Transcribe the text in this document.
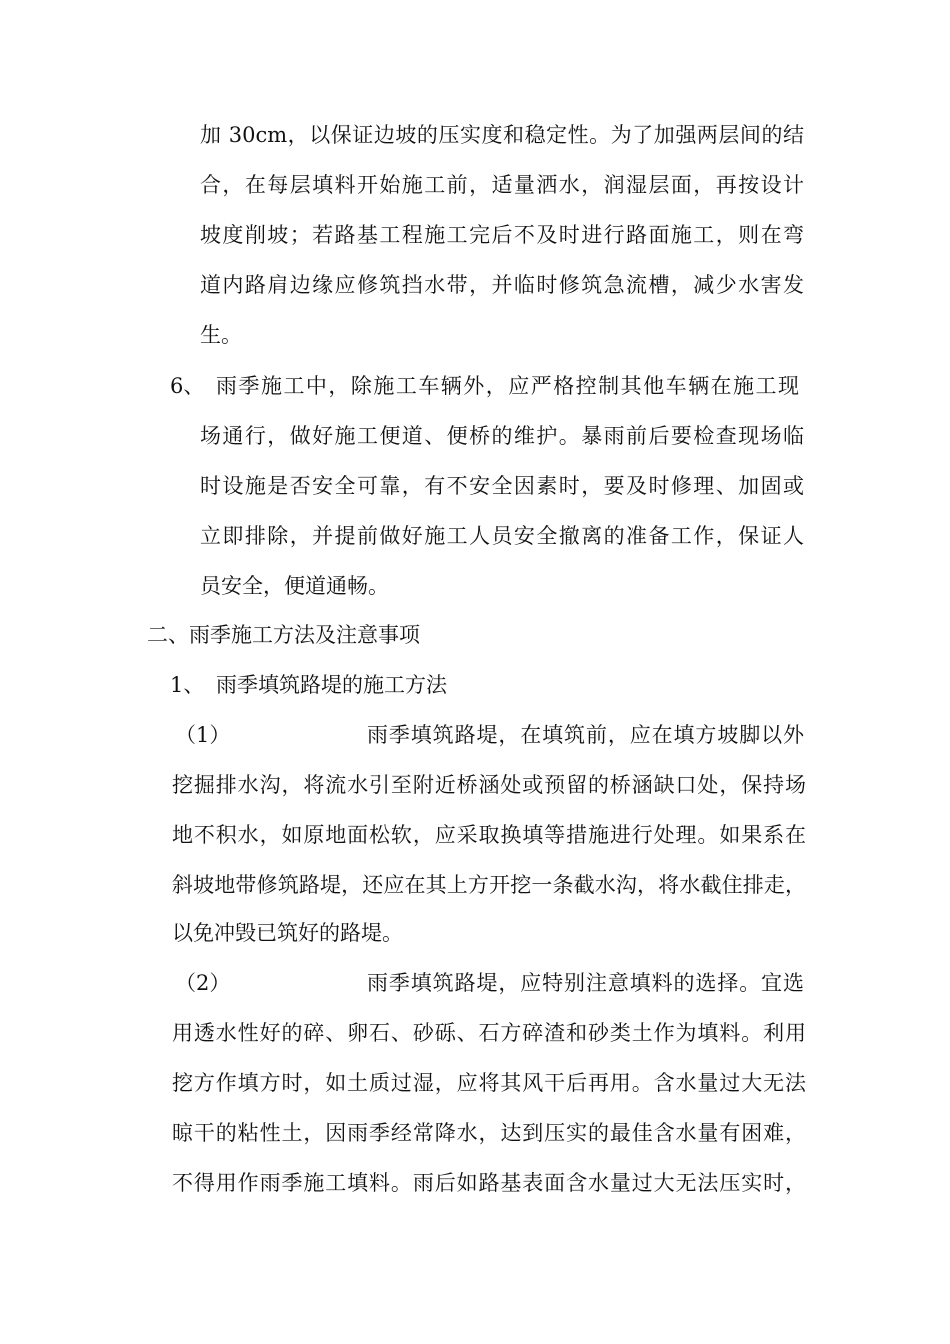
加 30cm，以保证边坡的压实度和稳定性。为了加强两层间的结
合，在每层填料开始施工前，适量洒水，润湿层面，再按设计
坡度削坡；若路基工程施工完后不及时进行路面施工，则在弯
道内路肩边缘应修筑挡水带，并临时修筑急流槽，减少水害发
生。
6、 雨季施工中，除施工车辆外，应严格控制其他车辆在施工现
场通行，做好施工便道、便桥的维护。暴雨前后要检查现场临
时设施是否安全可靠，有不安全因素时，要及时修理、加固或
立即排除，并提前做好施工人员安全撤离的准备工作，保证人
员安全，便道通畅。
二、雨季施工方法及注意事项
1、 雨季填筑路堤的施工方法
（1）	雨季填筑路堤，在填筑前，应在填方坡脚以外
挖掘排水沟，将流水引至附近桥涵处或预留的桥涵缺口处，保持场
地不积水，如原地面松软，应采取换填等措施进行处理。如果系在
斜坡地带修筑路堤，还应在其上方开挖一条截水沟，将水截住排走，
以免冲毁已筑好的路堤。
（2）	雨季填筑路堤，应特别注意填料的选择。宜选
用透水性好的碎、卵石、砂砾、石方碎渣和砂类土作为填料。利用
挖方作填方时，如土质过湿，应将其风干后再用。含水量过大无法
晾干的粘性土，因雨季经常降水，达到压实的最佳含水量有困难，
不得用作雨季施工填料。雨后如路基表面含水量过大无法压实时，
